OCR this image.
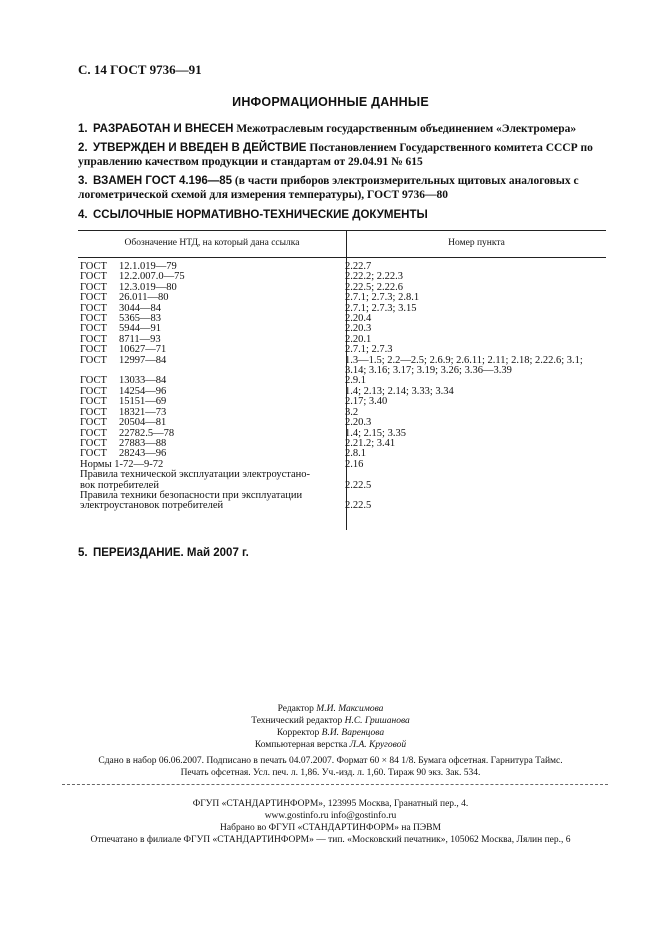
С. 14 ГОСТ 9736—91
ИНФОРМАЦИОННЫЕ ДАННЫЕ
1. РАЗРАБОТАН И ВНЕСЕН Межотраслевым государственным объединением «Электромера»
2. УТВЕРЖДЕН И ВВЕДЕН В ДЕЙСТВИЕ Постановлением Государственного комитета СССР по управлению качеством продукции и стандартам от 29.04.91 № 615
3. ВЗАМЕН ГОСТ 4.196—85 (в части приборов электроизмерительных щитовых аналоговых с логометрической схемой для измерения температуры), ГОСТ 9736—80
4. ССЫЛОЧНЫЕ НОРМАТИВНО-ТЕХНИЧЕСКИЕ ДОКУМЕНТЫ
Обозначение НТД, на который дана ссылка	Номер пункта
ГОСТ 12.1.019—79	2.22.7
ГОСТ 12.2.007.0—75	2.22.2; 2.22.3
ГОСТ 12.3.019—80	2.22.5; 2.22.6
ГОСТ 26.011—80	2.7.1; 2.7.3; 2.8.1
ГОСТ 3044—84	2.7.1; 2.7.3; 3.15
ГОСТ 5365—83	2.20.4
ГОСТ 5944—91	2.20.3
ГОСТ 8711—93	2.20.1
ГОСТ 10627—71	2.7.1; 2.7.3
ГОСТ 12997—84	1.3—1.5; 2.2—2.5; 2.6.9; 2.6.11; 2.11; 2.18; 2.22.6; 3.1;
3.14; 3.16; 3.17; 3.19; 3.26; 3.36—3.39
ГОСТ 13033—84	2.9.1
ГОСТ 14254—96	1.4; 2.13; 2.14; 3.33; 3.34
ГОСТ 15151—69	2.17; 3.40
ГОСТ 18321—73	3.2
ГОСТ 20504—81	2.20.3
ГОСТ 22782.5—78	1.4; 2.15; 3.35
ГОСТ 27883—88	2.21.2; 3.41
ГОСТ 28243—96	2.8.1
Нормы 1-72—9-72	2.16
Правила технической эксплуатации электроустано-
вок потребителей	2.22.5
Правила техники безопасности при эксплуатации
электроустановок потребителей	2.22.5
5. ПЕРЕИЗДАНИЕ. Май 2007 г.
Редактор М.И. Максимова
Технический редактор Н.С. Гришанова
Корректор В.И. Варенцова
Компьютерная верстка Л.А. Круговой
Сдано в набор 06.06.2007. Подписано в печать 04.07.2007. Формат 60 × 84 1/8. Бумага офсетная. Гарнитура Таймс.
Печать офсетная. Усл. печ. л. 1,86. Уч.-изд. л. 1,60. Тираж 90 экз. Зак. 534.
ФГУП «СТАНДАРТИНФОРМ», 123995 Москва, Гранатный пер., 4.
www.gostinfo.ru info@gostinfo.ru
Набрано во ФГУП «СТАНДАРТИНФОРМ» на ПЭВМ
Отпечатано в филиале ФГУП «СТАНДАРТИНФОРМ» — тип. «Московский печатник», 105062 Москва, Лялин пер., 6
